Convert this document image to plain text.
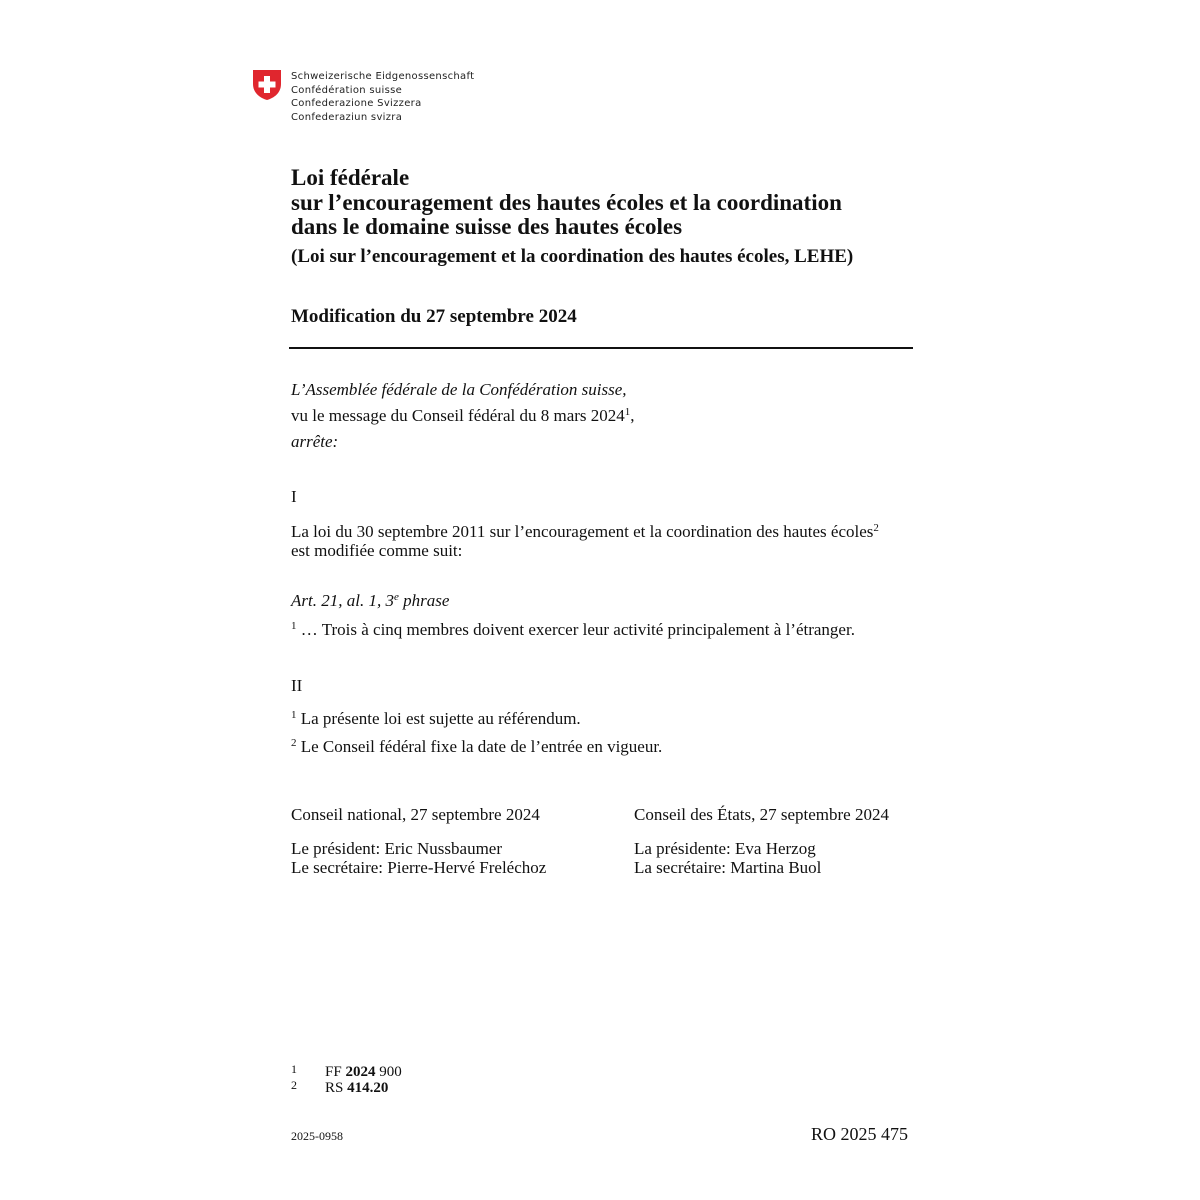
Schweizerische Eidgenossenschaft
Confédération suisse
Confederazione Svizzera
Confederaziun svizra
Loi fédérale
sur l’encouragement des hautes écoles et la coordination
dans le domaine suisse des hautes écoles
(Loi sur l’encouragement et la coordination des hautes écoles, LEHE)
Modification du 27 septembre 2024
L’Assemblée fédérale de la Confédération suisse,
vu le message du Conseil fédéral du 8 mars 2024$^1$,
arrête:
I
La loi du 30 septembre 2011 sur l’encouragement et la coordination des hautes écoles$^2$
est modifiée comme suit:
Art. 21, al. 1, 3e phrase
$^1$ … Trois à cinq membres doivent exercer leur activité principalement à l’étranger.
II
$^1$ La présente loi est sujette au référendum.
$^2$ Le Conseil fédéral fixe la date de l’entrée en vigueur.
Conseil national, 27 septembre 2024
Le président: Eric Nussbaumer
Le secrétaire: Pierre-Hervé Freléchoz
Conseil des États, 27 septembre 2024
La présidente: Eva Herzog
La secrétaire: Martina Buol
1 FF 2024 900
2 RS 414.20
2025-0958	RO 2025 475
